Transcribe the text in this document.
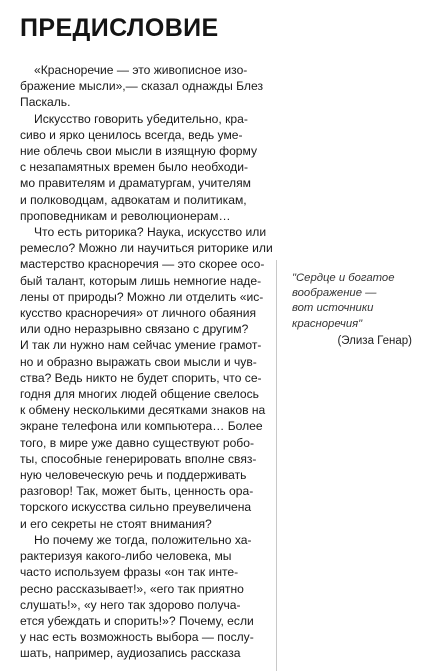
ПРЕДИСЛОВИЕ

«Красноречие — это живописное изо-
бражение мысли»,— сказал однажды Блез
Паскаль.

Искусство говорить убедительно, кра-
сиво и ярко ценилось всегда, ведь уме-
ние облечь свои мысли в изящную форму
с незапамятных времен было необходи-
мо правителям и драматургам, учителям
и полководцам, адвокатам и политикам,
проповедникам и революционерам…

Что есть риторика? Наука, искусство или
ремесло? Можно ли научиться риторике или
мастерство красноречия — это скорее осо-
бый талант, которым лишь немногие наде-
лены от природы? Можно ли отделить «ис-
кусство красноречия» от личного обаяния
или одно неразрывно связано с другим?
И так ли нужно нам сейчас умение грамот-
но и образно выражать свои мысли и чув-
ства? Ведь никто не будет спорить, что се-
годня для многих людей общение свелось
к обмену несколькими десятками знаков на
экране телефона или компьютера… Более
того, в мире уже давно существуют робо-
ты, способные генерировать вполне связ-
ную человеческую речь и поддерживать
разговор! Так, может быть, ценность ора-
торского искусства сильно преувеличена
и его секреты не стоят внимания?

Но почему же тогда, положительно ха-
рактеризуя какого-либо человека, мы
часто используем фразы «он так инте-
ресно рассказывает!», «его так приятно
слушать!», «у него так здорово получа-
ется убеждать и спорить!»? Почему, если
у нас есть возможность выбора — послу-
шать, например, аудиозапись рассказа

"Сердце и богатое
воображение —
вот источники
красноречия"

(Элиза Генар)
